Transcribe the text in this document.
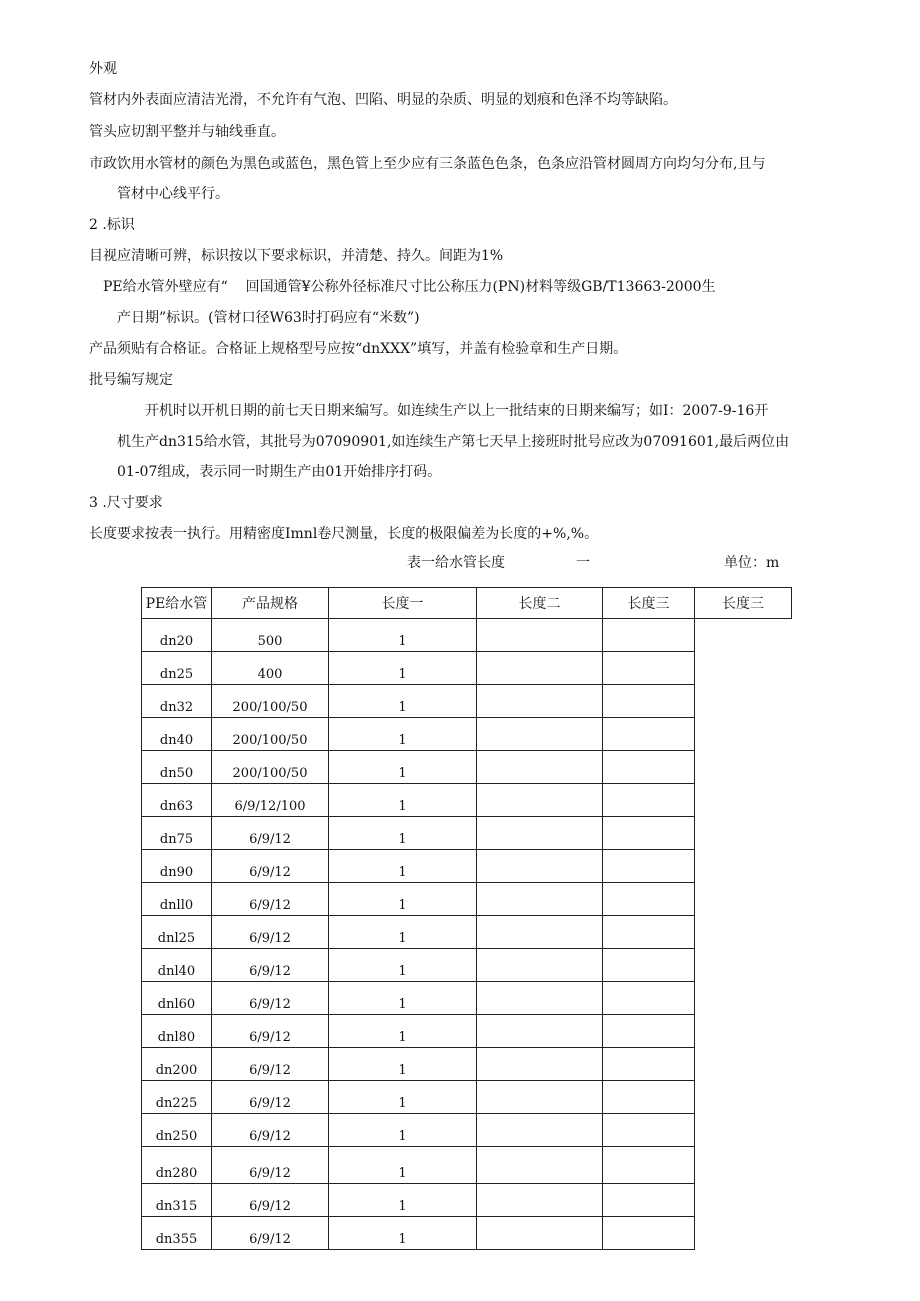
外观
管材内外表面应清洁光滑，不允许有气泡、凹陷、明显的杂质、明显的划痕和色泽不均等缺陷。
管头应切割平整并与轴线垂直。
市政饮用水管材的颜色为黑色或蓝色，黑色管上至少应有三条蓝色色条，色条应沿管材圆周方向均匀分布,且与
管材中心线平行。
2 .标识
目视应清晰可辨，标识按以下要求标识，并清楚、持久。间距为1%
PE给水管外壁应有“    回国通管¥公称外径标准尺寸比公称压力(PN)材料等级GB/T13663-2000生
产日期”标识。(管材口径W63时打码应有“米数”)
产品须贴有合格证。合格证上规格型号应按“dnXXX”填写，并盖有检验章和生产日期。
批号编写规定
开机时以开机日期的前七天日期来编写。如连续生产以上一批结束的日期来编写；如I：2007-9-16开
机生产dn315给水管，其批号为07090901,如连续生产第七天早上接班时批号应改为07091601,最后两位由
01-07组成，表示同一时期生产由01开始排序打码。
3 .尺寸要求
长度要求按表一执行。用精密度Imnl卷尺测量，长度的极限偏差为长度的+%,%。
表一给水管长度	一	单位：m
PE给水管	产品规格	长度一	长度二	长度三	长度三
dn20	500	1			
dn25	400	1			
dn32	200/100/50	1			
dn40	200/100/50	1			
dn50	200/100/50	1			
dn63	6/9/12/100	1			
dn75	6/9/12	1			
dn90	6/9/12	1			
dnll0	6/9/12	1			
dnl25	6/9/12	1			
dnl40	6/9/12	1			
dnl60	6/9/12	1			
dnl80	6/9/12	1			
dn200	6/9/12	1			
dn225	6/9/12	1			
dn250	6/9/12	1			
dn280	6/9/12	1			
dn315	6/9/12	1			
dn355	6/9/12	1			
